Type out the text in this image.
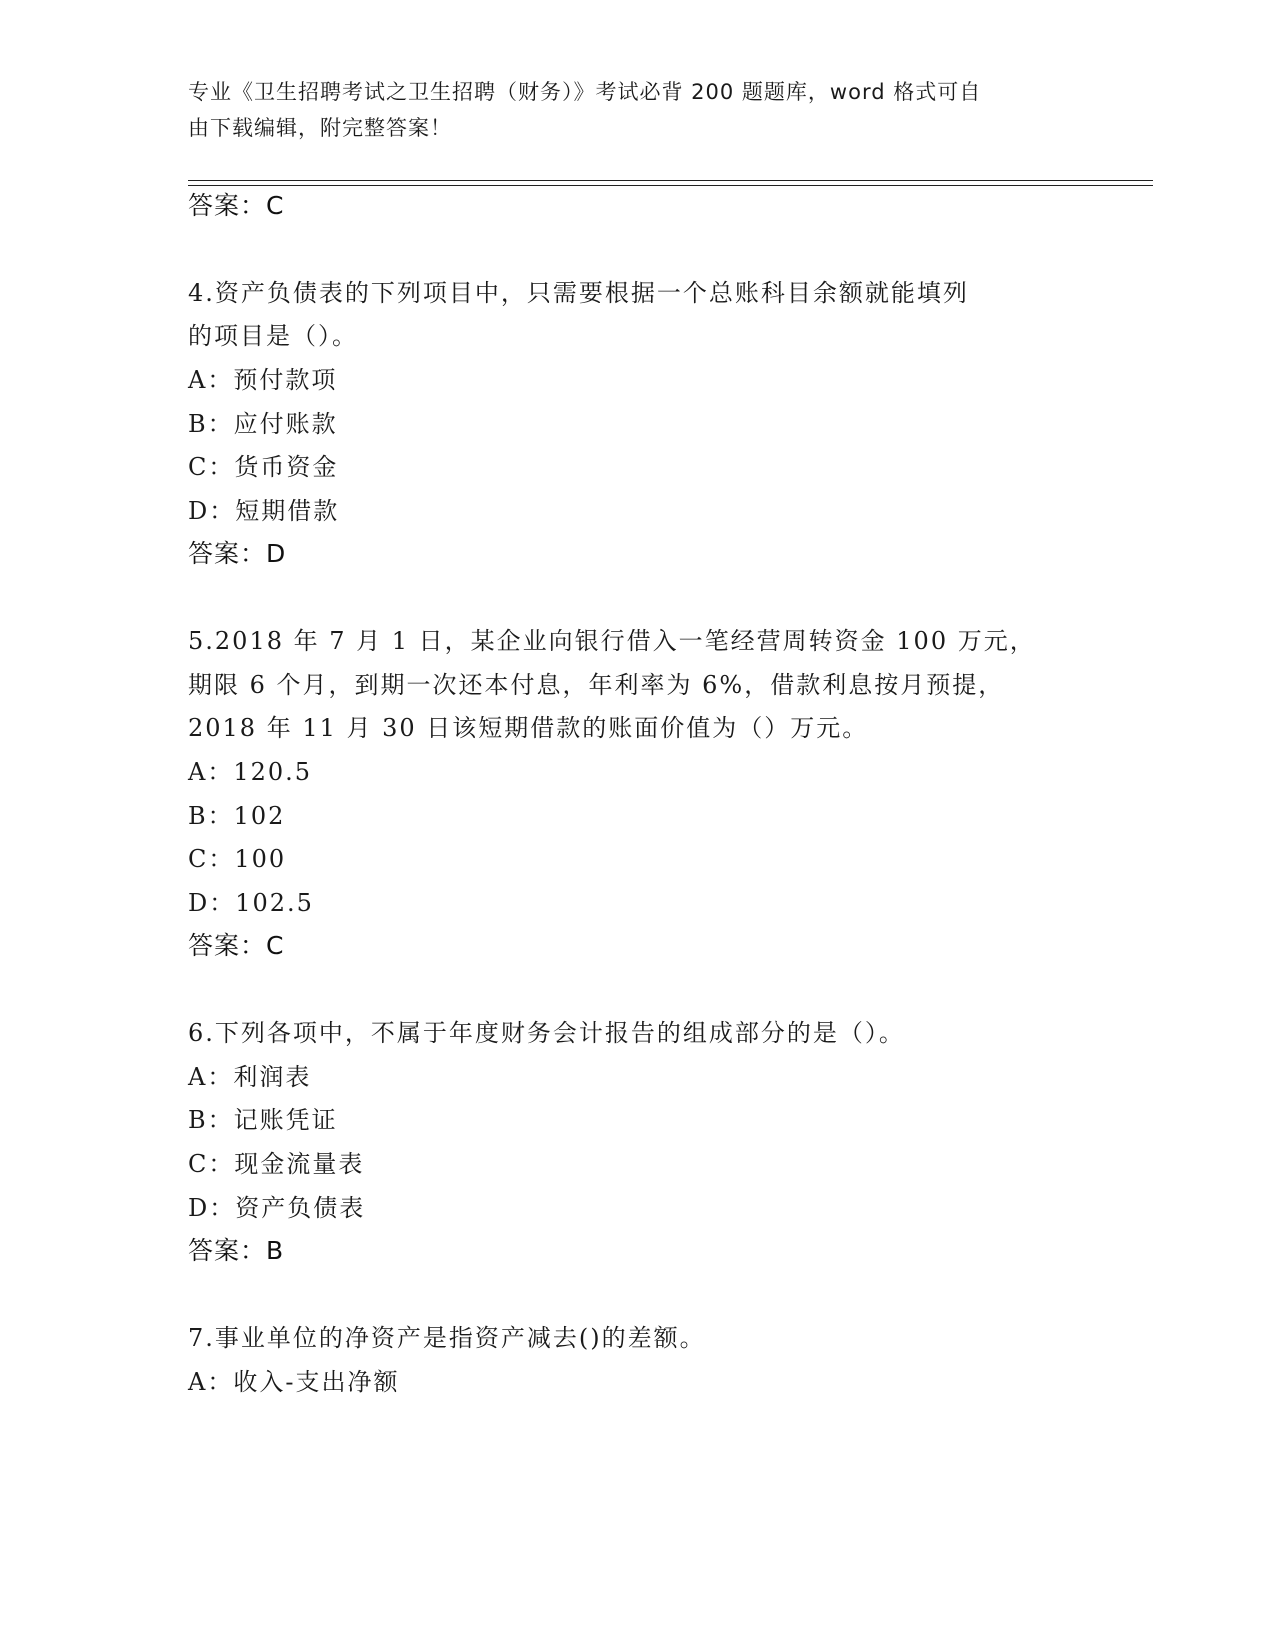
专业《卫生招聘考试之卫生招聘（财务）》考试必背 200 题题库，word 格式可自
由下载编辑，附完整答案！
答案：C
4.资产负债表的下列项目中，只需要根据一个总账科目余额就能填列
的项目是（）。
A：预付款项
B：应付账款
C：货币资金
D：短期借款
答案：D
5.2018 年 7 月 1 日，某企业向银行借入一笔经营周转资金 100 万元，
期限 6 个月，到期一次还本付息，年利率为 6%，借款利息按月预提，
2018 年 11 月 30 日该短期借款的账面价值为（）万元。
A：120.5
B：102
C：100
D：102.5
答案：C
6.下列各项中，不属于年度财务会计报告的组成部分的是（）。
A：利润表
B：记账凭证
C：现金流量表
D：资产负债表
答案：B
7.事业单位的净资产是指资产减去()的差额。
A：收入-支出净额
